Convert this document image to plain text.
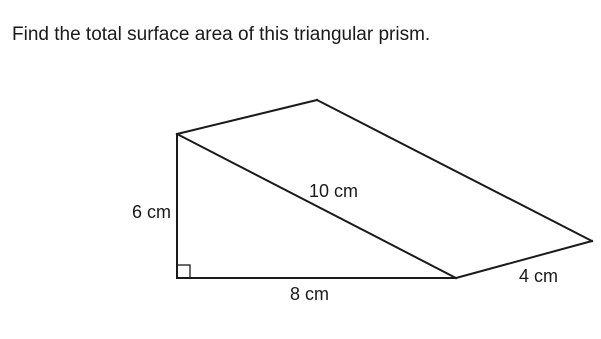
Find the total surface area of this triangular prism.
6 cm
10 cm
8 cm
4 cm
